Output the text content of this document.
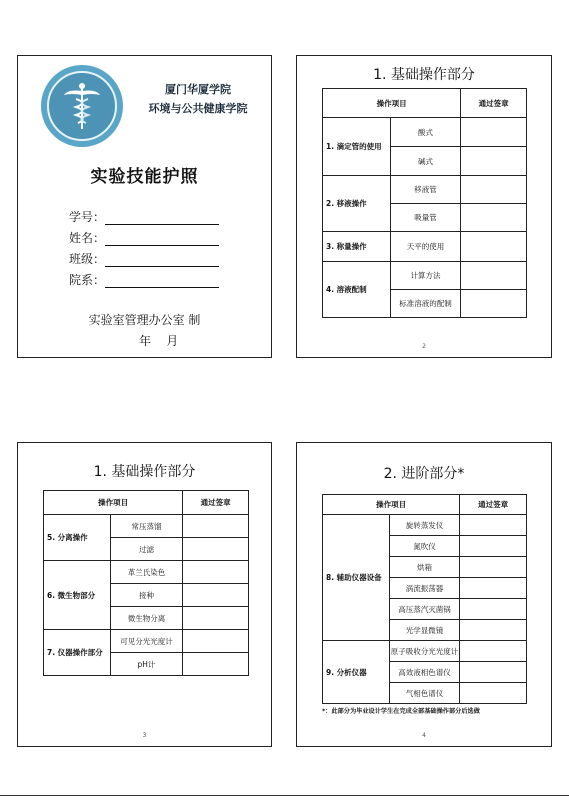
厦门华厦学院
环境与公共健康学院
实验技能护照
学号：
姓名：
班级：
院系：
实验室管理办公室 制
年    月
1. 基础操作部分
操作项目		通过签章
1. 滴定管的使用	酸式	
	碱式	
2. 移液操作	移液管	
	吸量管	
3. 称量操作	天平的使用	
4. 溶液配制	计算方法	
	标准溶液的配制	
2
1. 基础操作部分
操作项目		通过签章
5. 分离操作	常压蒸馏	
	过滤	
6. 微生物部分	革兰氏染色	
	接种	
	微生物分离	
7. 仪器操作部分	可见分光光度计	
	pH计	
3
2. 进阶部分*
操作项目		通过签章
8. 辅助仪器设备	旋转蒸发仪	
	氮吹仪	
	烘箱	
	涡流振荡器	
	高压蒸汽灭菌锅	
	光学显微镜	
9. 分析仪器	原子吸收分光光度计	
	高效液相色谱仪	
	气相色谱仪	
*：此部分为毕业设计学生在完成全部基础操作部分后选做
4
